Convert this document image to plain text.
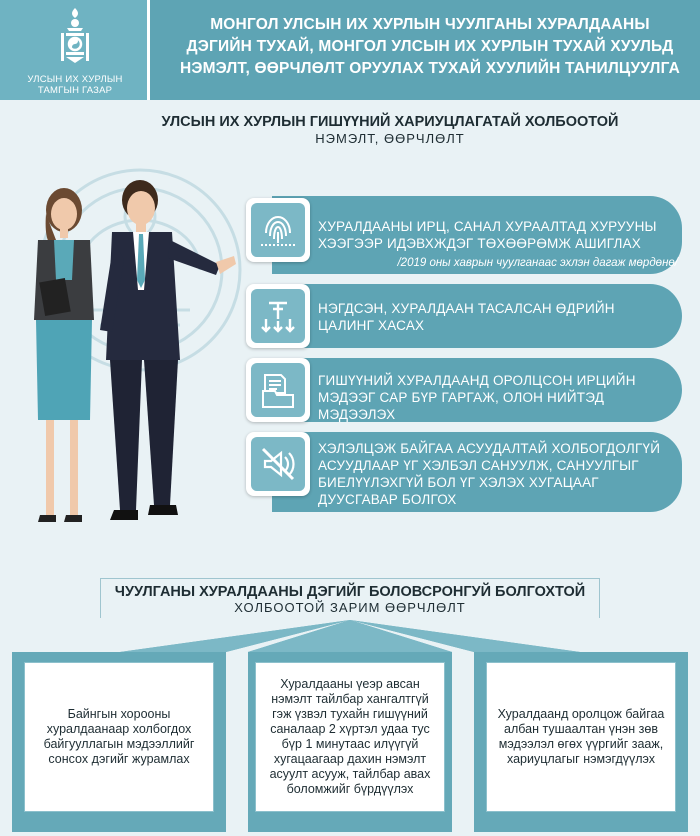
УЛСЫН ИХ ХУРЛЫН
ТАМГЫН ГАЗАР
МОНГОЛ УЛСЫН ИХ ХУРЛЫН ЧУУЛГАНЫ ХУРАЛДААНЫ
ДЭГИЙН ТУХАЙ, МОНГОЛ УЛСЫН ИХ ХУРЛЫН ТУХАЙ ХУУЛЬД
НЭМЭЛТ, ӨӨРЧЛӨЛТ ОРУУЛАХ ТУХАЙ ХУУЛИЙН ТАНИЛЦУУЛГА
УЛСЫН ИХ ХУРЛЫН ГИШҮҮНИЙ ХАРИУЦЛАГАТАЙ ХОЛБООТОЙ
НЭМЭЛТ, ӨӨРЧЛӨЛТ
ХУРАЛДААНЫ ИРЦ, САНАЛ ХУРААЛТАД ХУРУУНЫ
ХЭЭГЭЭР ИДЭВХЖДЭГ ТӨХӨӨРӨМЖ АШИГЛАХ
/2019 оны хаврын чуулганаас эхлэн дагаж мөрдөнө/
НЭГДСЭН, ХУРАЛДААН ТАСАЛСАН ӨДРИЙН
ЦАЛИНГ ХАСАХ
ГИШҮҮНИЙ ХУРАЛДААНД ОРОЛЦСОН ИРЦИЙН
МЭДЭЭГ САР БҮР ГАРГАЖ, ОЛОН НИЙТЭД
МЭДЭЭЛЭХ
ХЭЛЭЛЦЭЖ БАЙГАА АСУУДАЛТАЙ ХОЛБОГДОЛГҮЙ
АСУУДЛААР ҮГ ХЭЛБЭЛ САНУУЛЖ, САНУУЛГЫГ
БИЕЛҮҮЛЭХГҮЙ БОЛ ҮГ ХЭЛЭХ ХУГАЦААГ
ДУУСГАВАР БОЛГОХ
ЧУУЛГАНЫ ХУРАЛДААНЫ ДЭГИЙГ БОЛОВСРОНГУЙ БОЛГОХТОЙ
ХОЛБООТОЙ ЗАРИМ ӨӨРЧЛӨЛТ
Байнгын хорооны хуралдаанаар холбогдох байгууллагын мэдээллийг сонсох дэгийг журамлах
Хуралдааны үеэр авсан нэмэлт тайлбар хангалтгүй гэж үзвэл тухайн гишүүний саналаар 2 хүртэл удаа тус бүр 1 минутаас илүүгүй хугацаагаар дахин нэмэлт асуулт асууж, тайлбар авах боломжийг бүрдүүлэх
Хуралдаанд оролцож байгаа албан тушаалтан үнэн зөв мэдээлэл өгөх үүргийг зааж, хариуцлагыг нэмэгдүүлэх
